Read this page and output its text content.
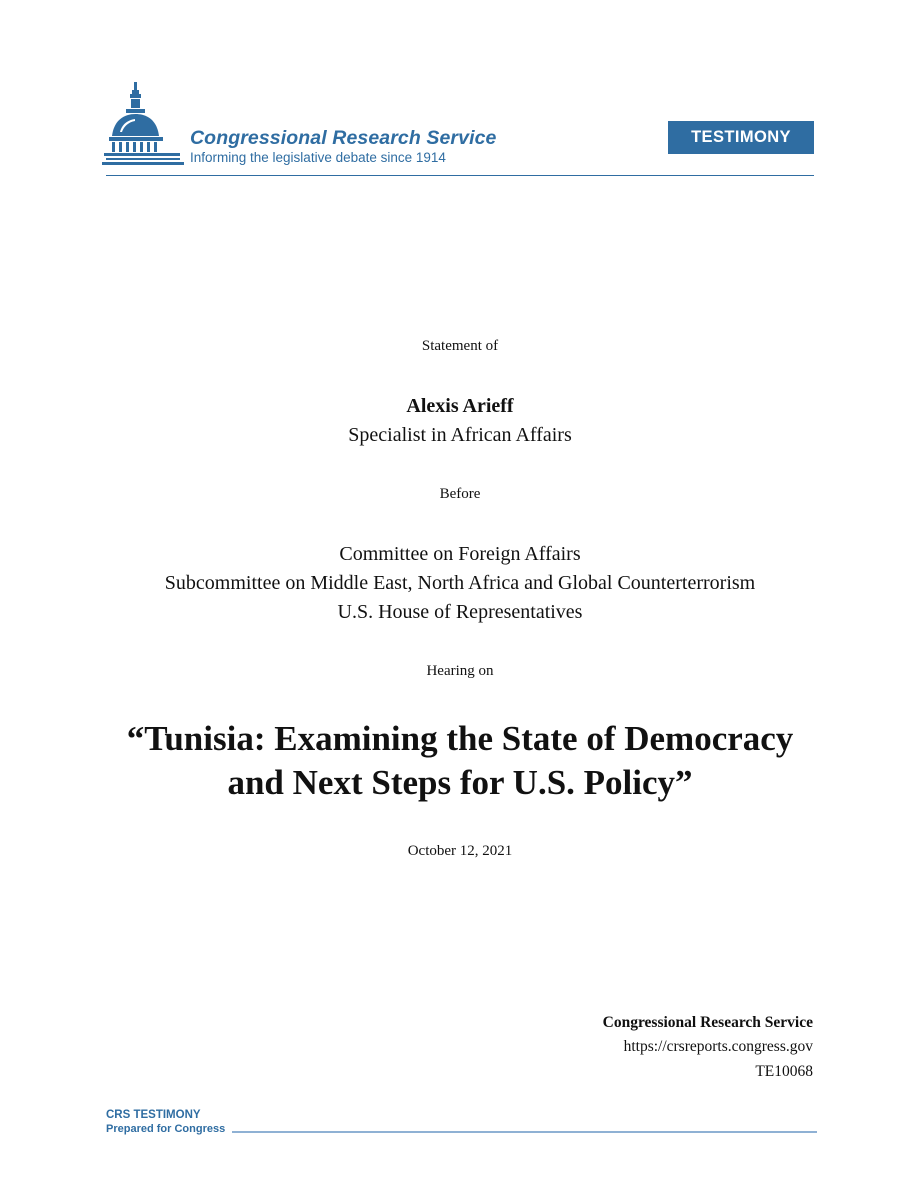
Congressional Research Service
Informing the legislative debate since 1914
TESTIMONY
Statement of
Alexis Arieff
Specialist in African Affairs
Before
Committee on Foreign Affairs
Subcommittee on Middle East, North Africa and Global Counterterrorism
U.S. House of Representatives
Hearing on
“Tunisia: Examining the State of Democracy
and Next Steps for U.S. Policy”
October 12, 2021
Congressional Research Service
https://crsreports.congress.gov
TE10068
CRS TESTIMONY
Prepared for Congress
